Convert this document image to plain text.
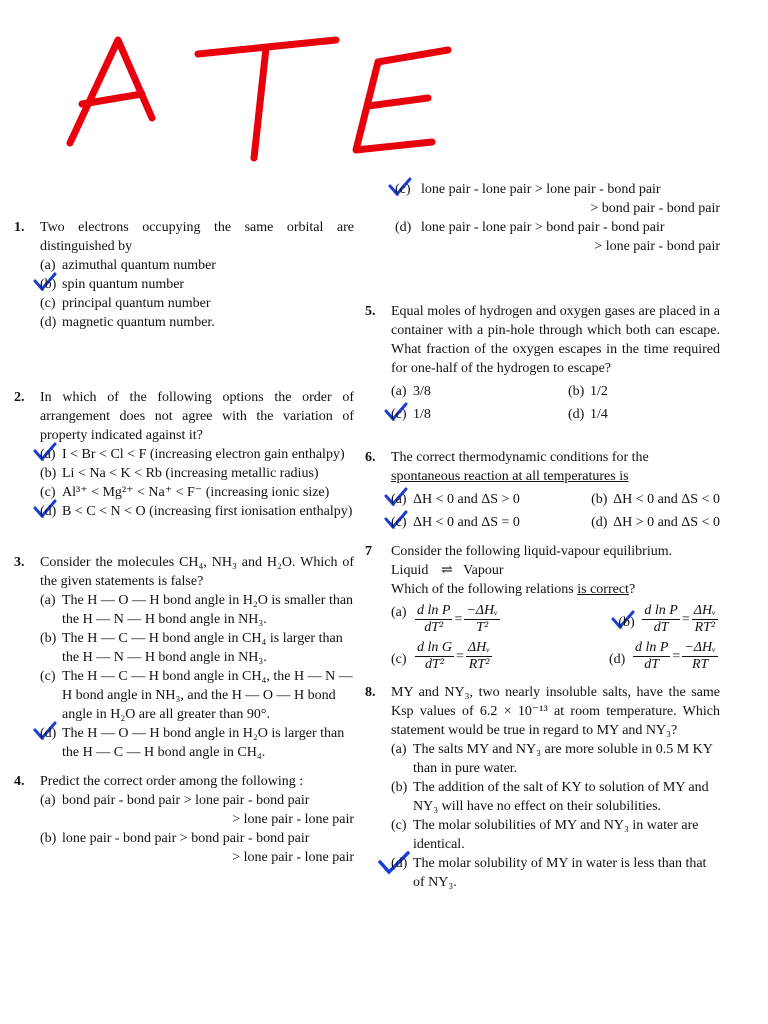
1. Two electrons occupying the same orbital are distinguished by
(a) azimuthal quantum number
(b) spin quantum number
(c) principal quantum number
(d) magnetic quantum number.
2. In which of the following options the order of arrangement does not agree with the variation of property indicated against it?
(a) I < Br < Cl < F (increasing electron gain enthalpy)
(b) Li < Na < K < Rb (increasing metallic radius)
(c) Al³⁺ < Mg²⁺ < Na⁺ < F⁻ (increasing ionic size)
(d) B < C < N < O (increasing first ionisation enthalpy)
3. Consider the molecules CH₄, NH₃ and H₂O. Which of the given statements is false?
(a) The H — O — H bond angle in H₂O is smaller than the H — N — H bond angle in NH₃.
(b) The H — C — H bond angle in CH₄ is larger than the H — N — H bond angle in NH₃.
(c) The H — C — H bond angle in CH₄, the H — N — H bond angle in NH₃, and the H — O — H bond angle in H₂O are all greater than 90°.
(d) The H — O — H bond angle in H₂O is larger than the H — C — H bond angle in CH₄.
4. Predict the correct order among the following :
(a) bond pair - bond pair > lone pair - bond pair
> lone pair - lone pair
(b) lone pair - bond pair > bond pair - bond pair
> lone pair - lone pair
(c) lone pair - lone pair > lone pair - bond pair
> bond pair - bond pair
(d) lone pair - lone pair > bond pair - bond pair
> lone pair - bond pair
5. Equal moles of hydrogen and oxygen gases are placed in a container with a pin-hole through which both can escape. What fraction of the oxygen escapes in the time required for one-half of the hydrogen to escape?
(a) 3/8	(b) 1/2
(c) 1/8	(d) 1/4
6. The correct thermodynamic conditions for the
spontaneous reaction at all temperatures is
(a) ΔH < 0 and ΔS > 0	(b) ΔH < 0 and ΔS < 0
(c) ΔH < 0 and ΔS = 0	(d) ΔH > 0 and ΔS < 0
7 Consider the following liquid-vapour equilibrium.
Liquid ⇌ Vapour
Which of the following relations is correct?
$(a) \frac{\text{d ln P}}{\text{dT²}} = \frac{\text{−ΔHᵥ}}{\text{T²}}$	$(b) \frac{\text{d ln P}}{dT} = \frac{\text{ΔHᵥ}}{\text{RT²}}$
$(c) \frac{\text{d ln G}}{\text{dT²}} = \frac{\text{ΔHᵥ}}{\text{RT²}}$	$(d) \frac{\text{d ln P}}{dT} = \frac{\text{−ΔHᵥ}}{RT}$
8. MY and NY₃, two nearly insoluble salts, have the same Ksp values of 6.2 × 10⁻¹³ at room temperature. Which statement would be true in regard to MY and NY₃?
(a) The salts MY and NY₃ are more soluble in 0.5 M KY than in pure water.
(b) The addition of the salt of KY to solution of MY and NY₃ will have no effect on their solubilities.
(c) The molar solubilities of MY and NY₃ in water are identical.
(d) The molar solubility of MY in water is less than that of NY₃.
